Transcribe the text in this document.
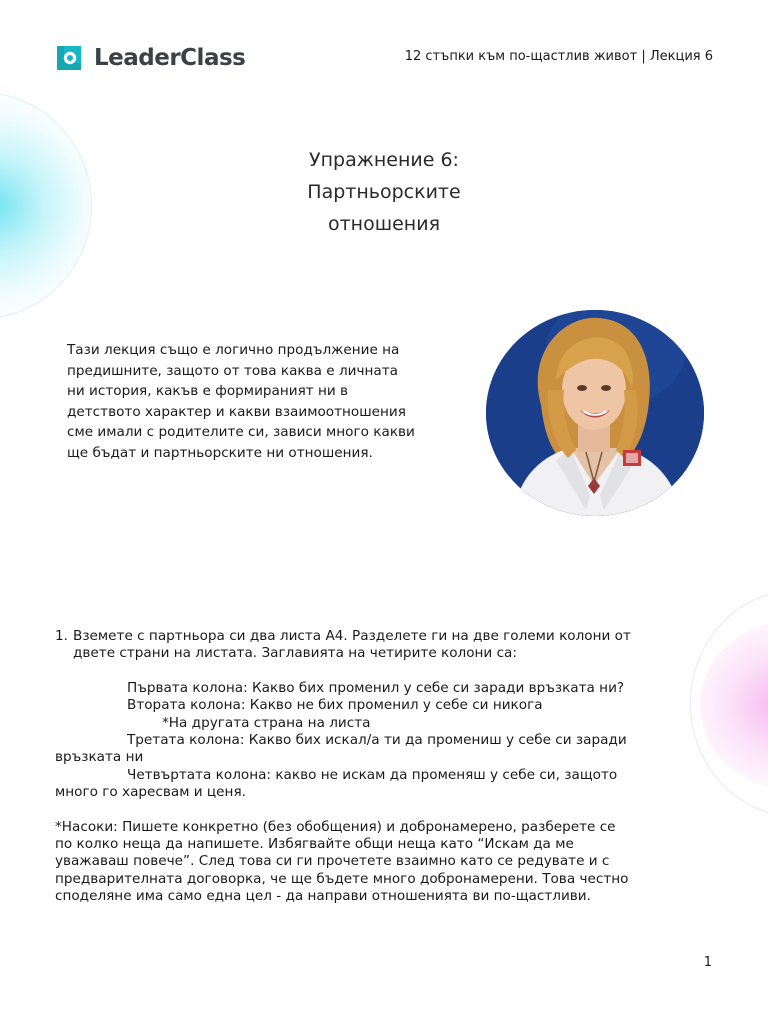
LeaderClass	12 стъпки към по-щастлив живот | Лекция 6
Упражнение 6:
Партньорските
отношения
Тази лекция също е логично продължение на
предишните, защото от това каква е личната
ни история, какъв е формираният ни в
детството характер и какви взаимоотношения
сме имали с родителите си, зависи много какви
ще бъдат и партньорските ни отношения.
1. Вземете с партньора си два листа А4. Разделете ги на две големи колони от
двете страни на листата. Заглавията на четирите колони са:
Първата колона: Какво бих променил у себе си заради връзката ни?
Втората колона: Какво не бих променил у себе си никога
*На другата страна на листа
Третата колона: Какво бих искал/а ти да промениш у себе си заради
връзката ни
Четвъртата колона: какво не искам да променяш у себе си, защото
много го харесвам и ценя.
*Насоки: Пишете конкретно (без обобщения) и добронамерено, разберете се
по колко неща да напишете. Избягвайте общи неща като “Искам да ме
уважаваш повече”. След това си ги прочетете взаимно като се редувате и с
предварителната договорка, че ще бъдете много добронамерени. Това честно
споделяне има само една цел - да направи отношенията ви по-щастливи.
1
